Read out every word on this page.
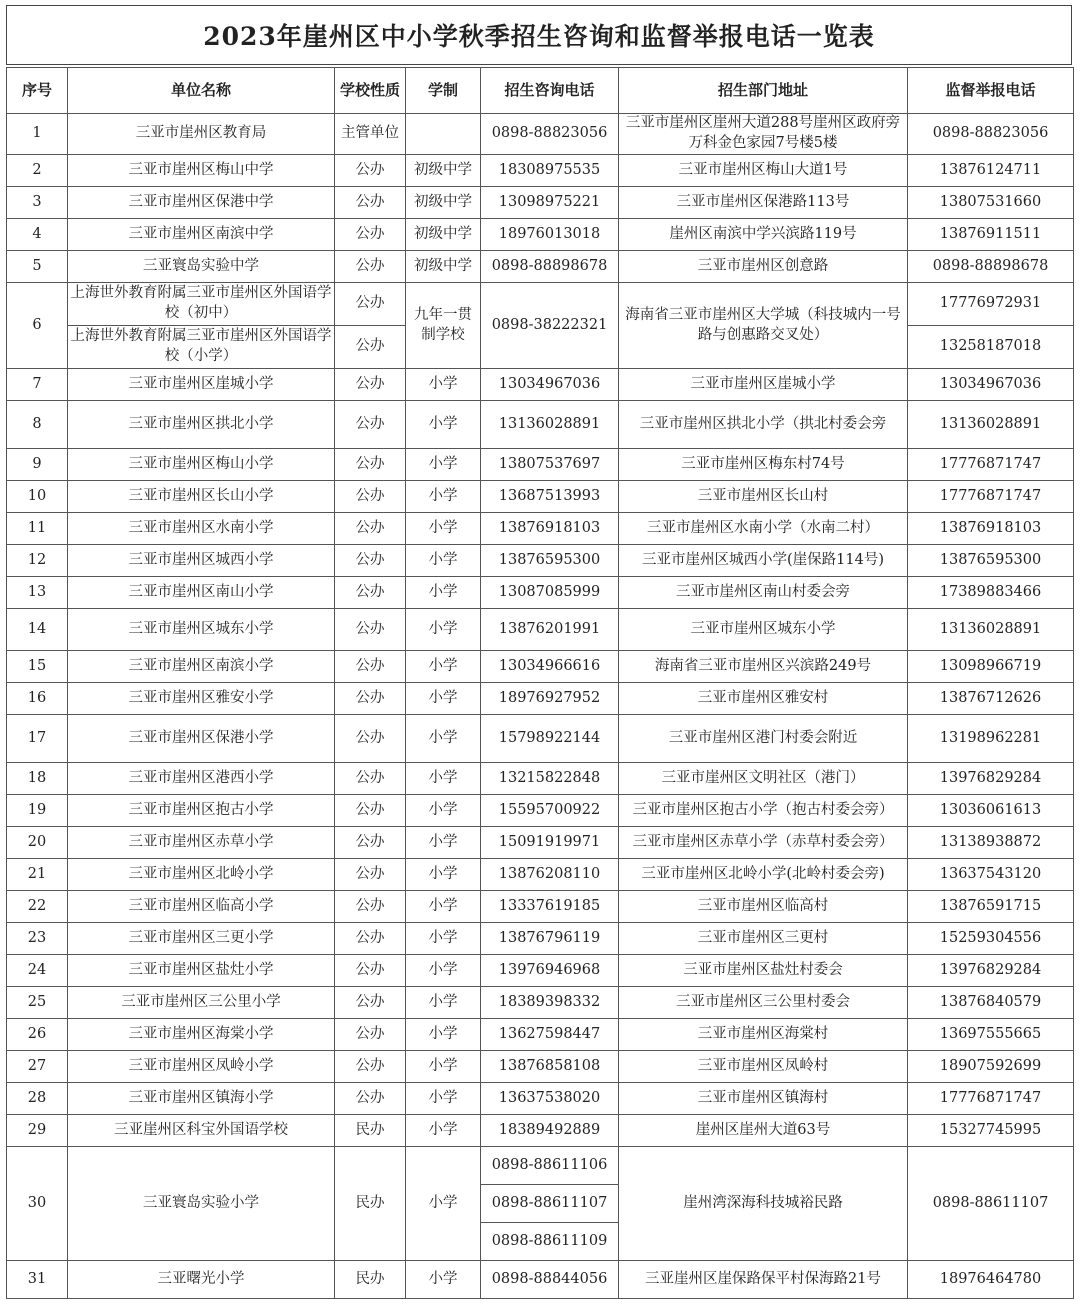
2023年崖州区中小学秋季招生咨询和监督举报电话一览表
序号	单位名称	学校性质	学制	招生咨询电话	招生部门地址	监督举报电话
1	三亚市崖州区教育局	主管单位		0898-88823056	三亚市崖州区崖州大道288号崖州区政府旁万科金色家园7号楼5楼	0898-88823056
2	三亚市崖州区梅山中学	公办	初级中学	18308975535	三亚市崖州区梅山大道1号	13876124711
3	三亚市崖州区保港中学	公办	初级中学	13098975221	三亚市崖州区保港路113号	13807531660
4	三亚市崖州区南滨中学	公办	初级中学	18976013018	崖州区南滨中学兴滨路119号	13876911511
5	三亚寰岛实验中学	公办	初级中学	0898-88898678	三亚市崖州区创意路	0898-88898678
6	上海世外教育附属三亚市崖州区外国语学校（初中）	公办	九年一贯制学校	0898-38222321	海南省三亚市崖州区大学城（科技城内一号路与创惠路交叉处）	17776972931
	上海世外教育附属三亚市崖州区外国语学校（小学）	公办				13258187018
7	三亚市崖州区崖城小学	公办	小学	13034967036	三亚市崖州区崖城小学	13034967036
8	三亚市崖州区拱北小学	公办	小学	13136028891	三亚市崖州区拱北小学（拱北村委会旁	13136028891
9	三亚市崖州区梅山小学	公办	小学	13807537697	三亚市崖州区梅东村74号	17776871747
10	三亚市崖州区长山小学	公办	小学	13687513993	三亚市崖州区长山村	17776871747
11	三亚市崖州区水南小学	公办	小学	13876918103	三亚市崖州区水南小学（水南二村）	13876918103
12	三亚市崖州区城西小学	公办	小学	13876595300	三亚市崖州区城西小学(崖保路114号)	13876595300
13	三亚市崖州区南山小学	公办	小学	13087085999	三亚市崖州区南山村委会旁	17389883466
14	三亚市崖州区城东小学	公办	小学	13876201991	三亚市崖州区城东小学	13136028891
15	三亚市崖州区南滨小学	公办	小学	13034966616	海南省三亚市崖州区兴滨路249号	13098966719
16	三亚市崖州区雅安小学	公办	小学	18976927952	三亚市崖州区雅安村	13876712626
17	三亚市崖州区保港小学	公办	小学	15798922144	三亚市崖州区港门村委会附近	13198962281
18	三亚市崖州区港西小学	公办	小学	13215822848	三亚市崖州区文明社区（港门）	13976829284
19	三亚市崖州区抱古小学	公办	小学	15595700922	三亚市崖州区抱古小学（抱古村委会旁）	13036061613
20	三亚市崖州区赤草小学	公办	小学	15091919971	三亚市崖州区赤草小学（赤草村委会旁）	13138938872
21	三亚市崖州区北岭小学	公办	小学	13876208110	三亚市崖州区北岭小学(北岭村委会旁)	13637543120
22	三亚市崖州区临高小学	公办	小学	13337619185	三亚市崖州区临高村	13876591715
23	三亚市崖州区三更小学	公办	小学	13876796119	三亚市崖州区三更村	15259304556
24	三亚市崖州区盐灶小学	公办	小学	13976946968	三亚市崖州区盐灶村委会	13976829284
25	三亚市崖州区三公里小学	公办	小学	18389398332	三亚市崖州区三公里村委会	13876840579
26	三亚市崖州区海棠小学	公办	小学	13627598447	三亚市崖州区海棠村	13697555665
27	三亚市崖州区凤岭小学	公办	小学	13876858108	三亚市崖州区凤岭村	18907592699
28	三亚市崖州区镇海小学	公办	小学	13637538020	三亚市崖州区镇海村	17776871747
29	三亚崖州区科宝外国语学校	民办	小学	18389492889	崖州区崖州大道63号	15327745995
30	三亚寰岛实验小学	民办	小学	0898-88611106	崖州湾深海科技城裕民路	0898-88611107
				0898-88611107		
				0898-88611109		
31	三亚曙光小学	民办	小学	0898-88844056	三亚崖州区崖保路保平村保海路21号	18976464780
